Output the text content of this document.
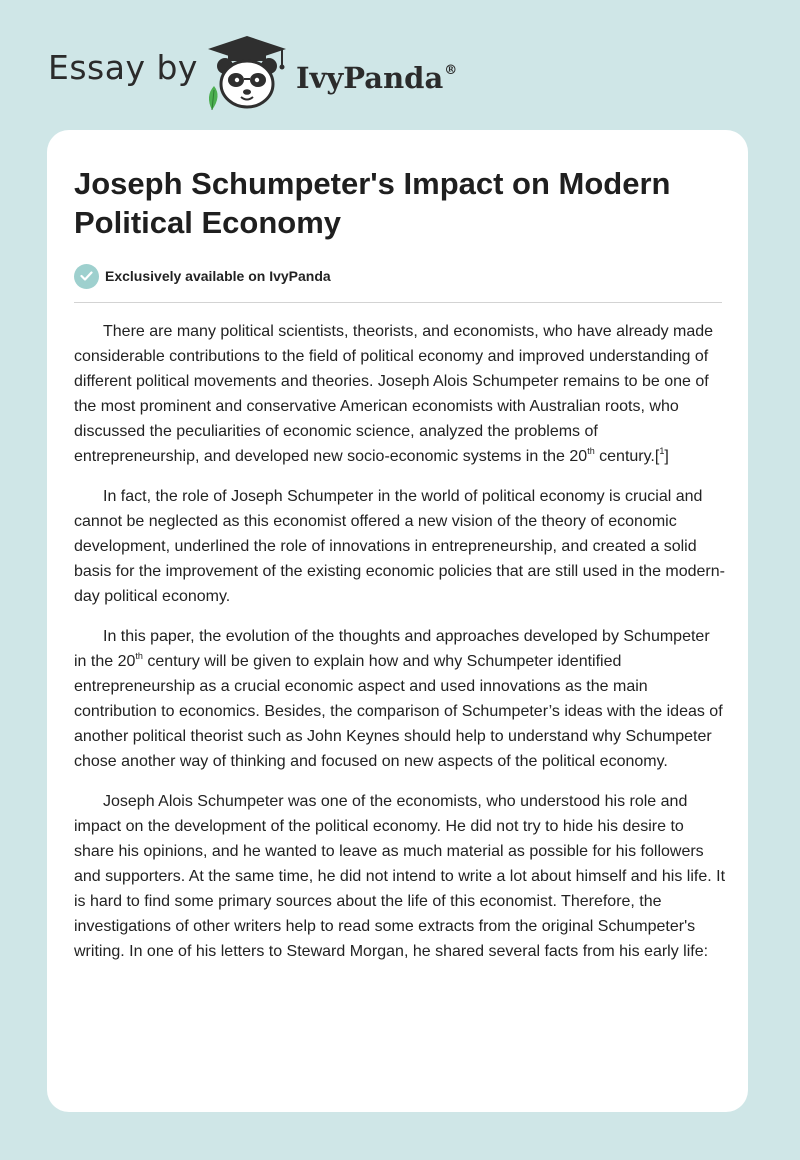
Essay by	IvyPanda®
Joseph Schumpeter's Impact on Modern Political Economy
Exclusively available on IvyPanda

There are many political scientists, theorists, and economists, who have already made considerable contributions to the field of political economy and improved understanding of different political movements and theories. Joseph Alois Schumpeter remains to be one of the most prominent and conservative American economists with Australian roots, who discussed the peculiarities of economic science, analyzed the problems of entrepreneurship, and developed new socio-economic systems in the 20th century.[$^1$]

In fact, the role of Joseph Schumpeter in the world of political economy is crucial and cannot be neglected as this economist offered a new vision of the theory of economic development, underlined the role of innovations in entrepreneurship, and created a solid basis for the improvement of the existing economic policies that are still used in the modern-day political economy.

In this paper, the evolution of the thoughts and approaches developed by Schumpeter in the 20th century will be given to explain how and why Schumpeter identified entrepreneurship as a crucial economic aspect and used innovations as the main contribution to economics. Besides, the comparison of Schumpeter’s ideas with the ideas of another political theorist such as John Keynes should help to understand why Schumpeter chose another way of thinking and focused on new aspects of the political economy.

Joseph Alois Schumpeter was one of the economists, who understood his role and impact on the development of the political economy. He did not try to hide his desire to share his opinions, and he wanted to leave as much material as possible for his followers and supporters. At the same time, he did not intend to write a lot about himself and his life. It is hard to find some primary sources about the life of this economist. Therefore, the investigations of other writers help to read some extracts from the original Schumpeter's writing. In one of his letters to Steward Morgan, he shared several facts from his early life:
